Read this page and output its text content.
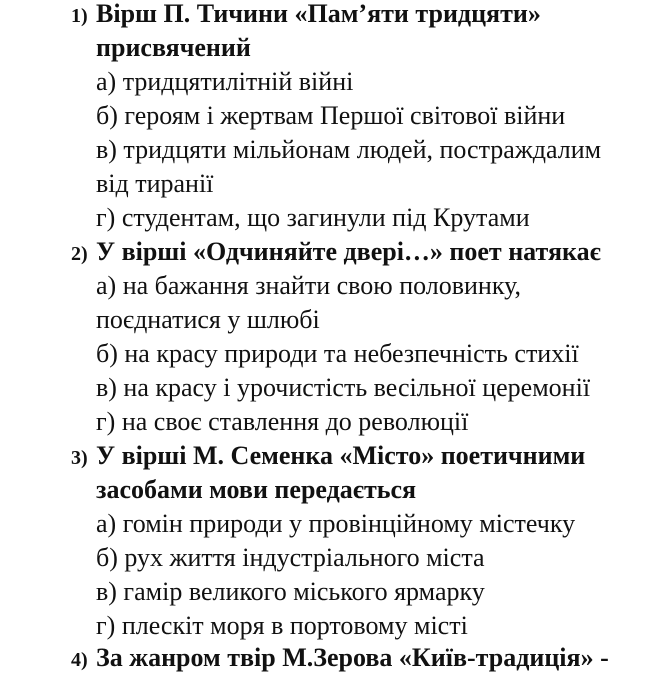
1) Вірш П. Тичини «Пам’яти тридцяти»
присвячений
а) тридцятилітній війні
б) героям і жертвам Першої світової війни
в) тридцяти мільйонам людей, постраждалим
від тиранії
г) студентам, що загинули під Крутами
2) У вірші «Одчиняйте двері…» поет натякає
а) на бажання знайти свою половинку,
поєднатися у шлюбі
б) на красу природи та небезпечність стихії
в) на красу і урочистість весільної церемонії
г) на своє ставлення до революції
3) У вірші М. Семенка «Місто» поетичними
засобами мови передається
а) гомін природи у провінційному містечку
б) рух життя індустріального міста
в) гамір великого міського ярмарку
г) плескіт моря в портовому місті
4) За жанром твір М.Зерова «Київ-традиція» -
